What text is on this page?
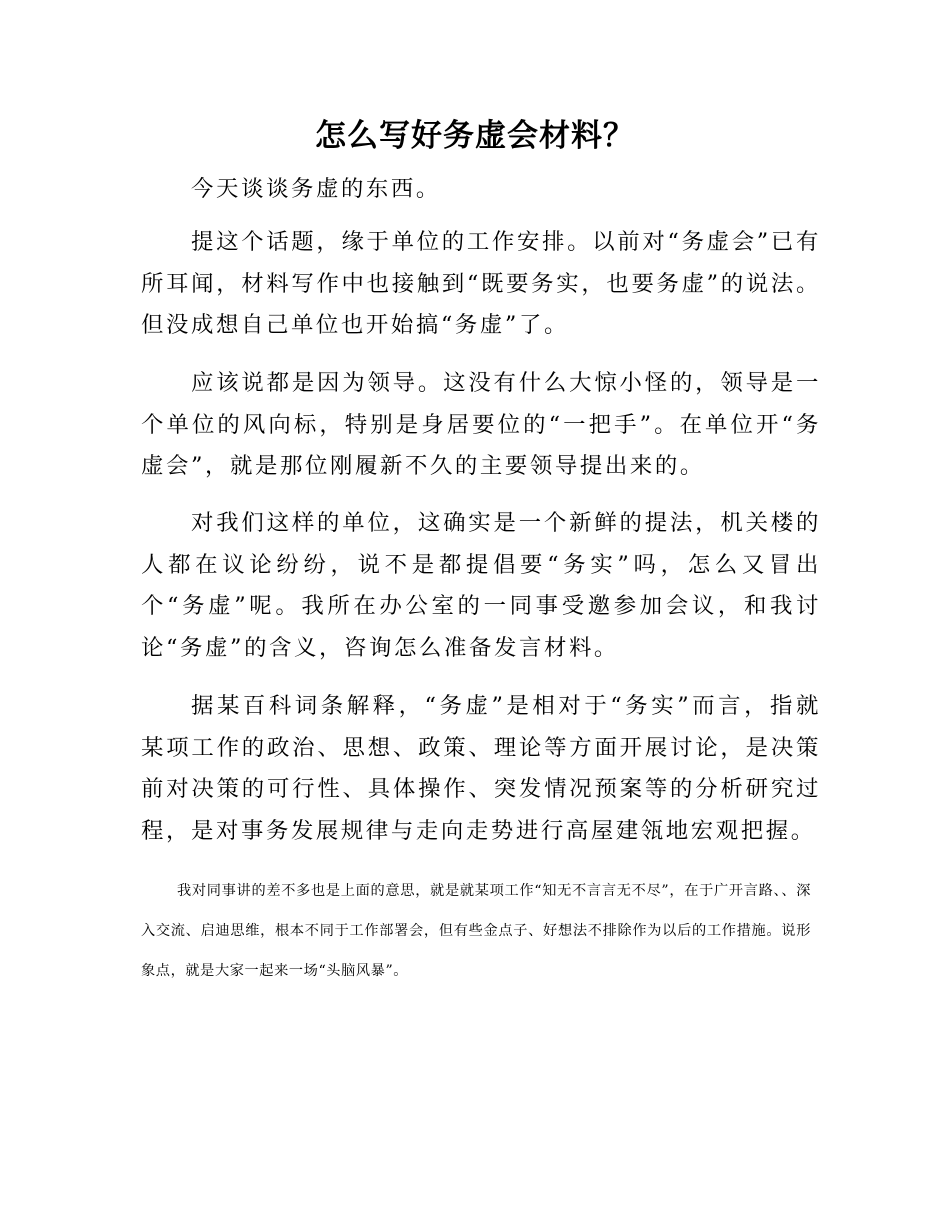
怎么写好务虚会材料？
今天谈谈务虚的东西。
提这个话题，缘于单位的工作安排。以前对“务虚会”已有所耳闻，材料写作中也接触到“既要务实，也要务虚”的说法。但没成想自己单位也开始搞“务虚”了。
应该说都是因为领导。这没有什么大惊小怪的，领导是一个单位的风向标，特别是身居要位的“一把手”。在单位开“务虚会”，就是那位刚履新不久的主要领导提出来的。
对我们这样的单位，这确实是一个新鲜的提法，机关楼的人都在议论纷纷，说不是都提倡要“务实”吗，怎么又冒出个“务虚”呢。我所在办公室的一同事受邀参加会议，和我讨论“务虚”的含义，咨询怎么准备发言材料。
据某百科词条解释，“务虚”是相对于“务实”而言，指就某项工作的政治、思想、政策、理论等方面开展讨论，是决策前对决策的可行性、具体操作、突发情况预案等的分析研究过程，是对事务发展规律与走向走势进行高屋建瓴地宏观把握。
我对同事讲的差不多也是上面的意思，就是就某项工作“知无不言言无不尽”，在于广开言路、、深入交流、启迪思维，根本不同于工作部署会，但有些金点子、好想法不排除作为以后的工作措施。说形象点，就是大家一起来一场“头脑风暴”。
